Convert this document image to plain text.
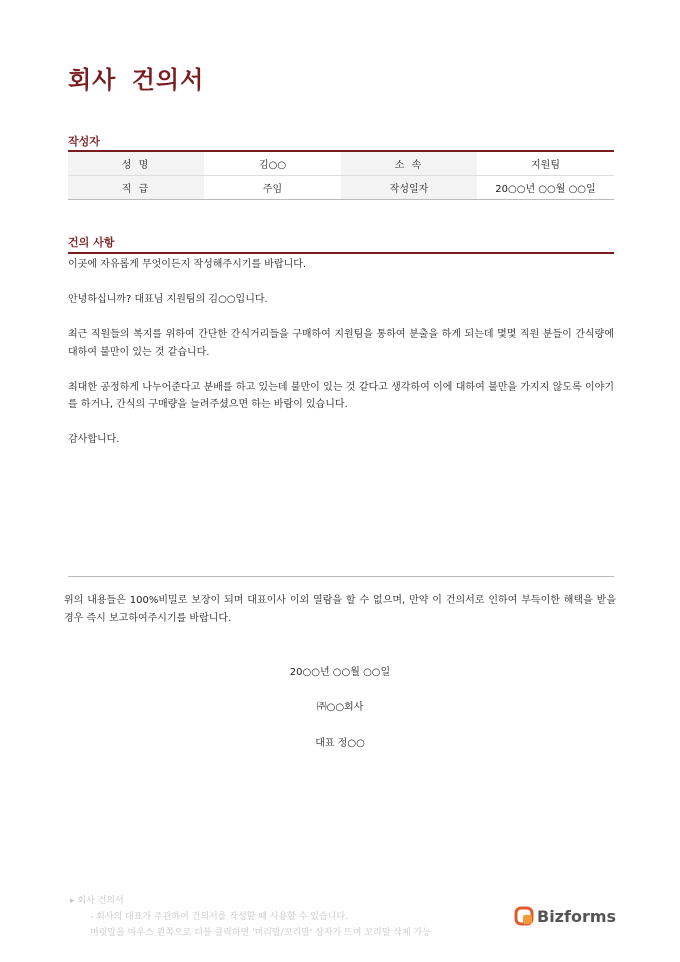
회사 건의서
작성자
성 명	김○○	소 속	지원팀
직 급	주임	작성일자	20○○년 ○○월 ○○일
건의 사항

이곳에 자유롭게 무엇이든지 작성해주시기를 바랍니다.

안녕하십니까? 대표님 지원팀의 김○○입니다.

최근 직원들의 복지를 위하여 간단한 간식거리들을 구매하여 지원팀을 통하여 분출을 하게 되는데 몇몇 직원 분들이 간식량에 대하여 불만이 있는 것 같습니다.

최대한 공정하게 나누어준다고 분배를 하고 있는데 불만이 있는 것 같다고 생각하여 이에 대하여 불만을 가지지 않도록 이야기를 하거나, 간식의 구매량을 늘려주셨으면 하는 바람이 있습니다.

감사합니다.

위의 내용들은 100%비밀로 보장이 되며 대표이사 이외 열람을 할 수 없으며, 만약 이 건의서로 인하여 부득이한 해택을 받을 경우 즉시 보고하여주시기를 바랍니다.
20○○년 ○○월 ○○일
㈜○○회사
대표 정○○
▸ 회사 건의서
- 회사의 대표가 주관하여 건의서를 작성할 때 사용할 수 있습니다.
머릿말을 마우스 왼쪽으로 더블 클릭하면 '머리말/꼬리말' 상자가 뜨며 꼬리말 삭제 가능
Bizforms
